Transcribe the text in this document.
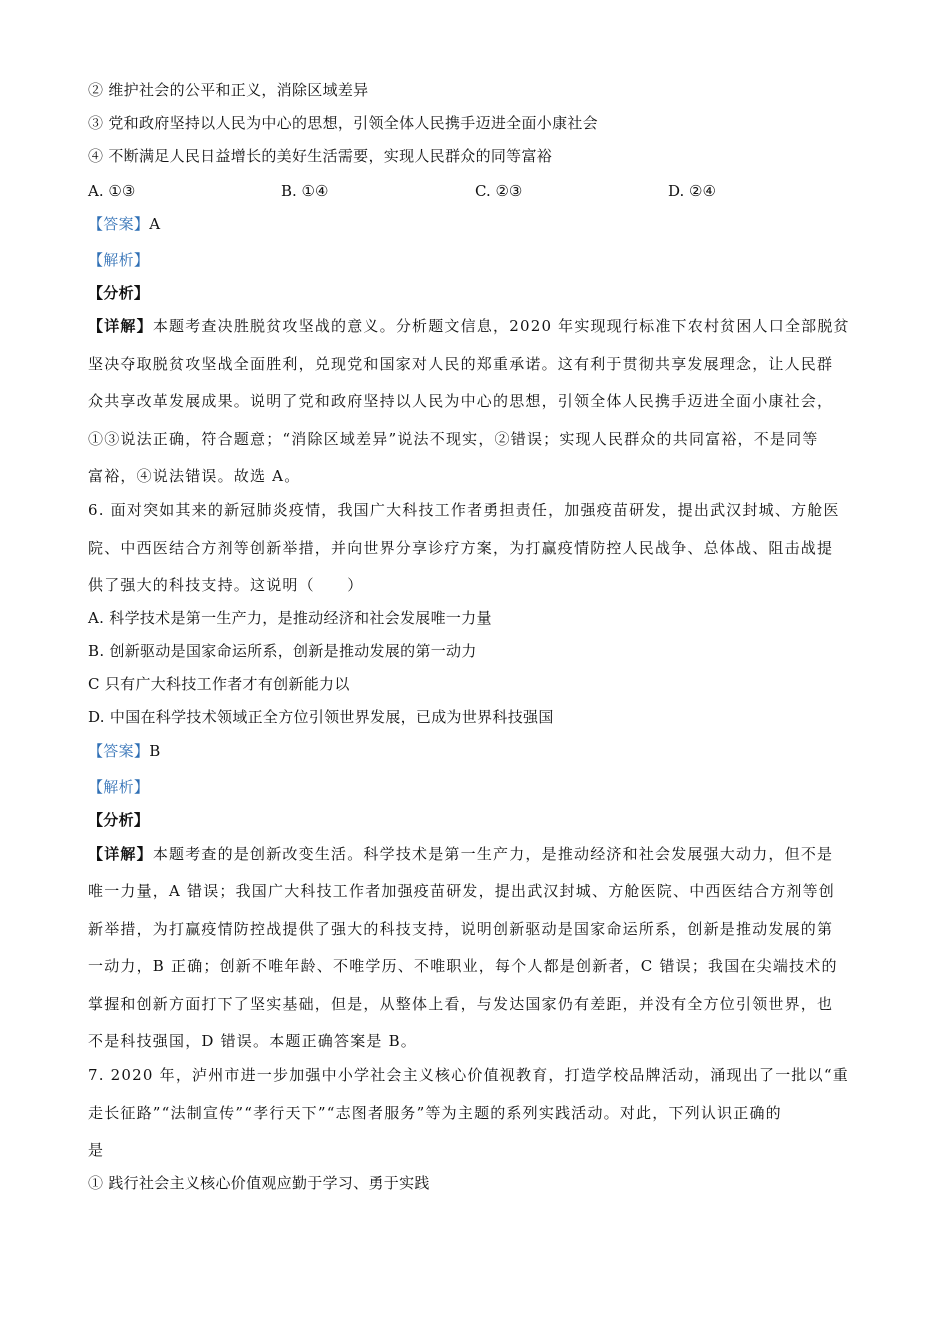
② 维护社会的公平和正义，消除区域差异
③ 党和政府坚持以人民为中心的思想，引领全体人民携手迈进全面小康社会
④ 不断满足人民日益增长的美好生活需要，实现人民群众的同等富裕
A. ①③	B. ①④	C. ②③	D. ②④
【答案】A
【解析】
【分析】
【详解】本题考查决胜脱贫攻坚战的意义。分析题文信息，2020 年实现现行标准下农村贫困人口全部脱贫
坚决夺取脱贫攻坚战全面胜利，兑现党和国家对人民的郑重承诺。这有利于贯彻共享发展理念，让人民群
众共享改革发展成果。说明了党和政府坚持以人民为中心的思想，引领全体人民携手迈进全面小康社会，
①③说法正确，符合题意；“消除区域差异”说法不现实，②错误；实现人民群众的共同富裕，不是同等
富裕，④说法错误。故选 A。
6. 面对突如其来的新冠肺炎疫情，我国广大科技工作者勇担责任，加强疫苗研发，提出武汉封城、方舱医
院、中西医结合方剂等创新举措，并向世界分享诊疗方案，为打赢疫情防控人民战争、总体战、阻击战提
供了强大的科技支持。这说明（　　）
A. 科学技术是第一生产力，是推动经济和社会发展唯一力量
B. 创新驱动是国家命运所系，创新是推动发展的第一动力
C 只有广大科技工作者才有创新能力以
D. 中国在科学技术领域正全方位引领世界发展，已成为世界科技强国
【答案】B
【解析】
【分析】
【详解】本题考查的是创新改变生活。科学技术是第一生产力，是推动经济和社会发展强大动力，但不是
唯一力量，A 错误；我国广大科技工作者加强疫苗研发，提出武汉封城、方舱医院、中西医结合方剂等创
新举措，为打赢疫情防控战提供了强大的科技支持，说明创新驱动是国家命运所系，创新是推动发展的第
一动力，B 正确；创新不唯年龄、不唯学历、不唯职业，每个人都是创新者，C 错误；我国在尖端技术的
掌握和创新方面打下了坚实基础，但是，从整体上看，与发达国家仍有差距，并没有全方位引领世界，也
不是科技强国，D 错误。本题正确答案是 B。
7. 2020 年，泸州市进一步加强中小学社会主义核心价值视教育，打造学校品牌活动，涌现出了一批以“重
走长征路”“法制宣传”“孝行天下”“志图者服务”等为主题的系列实践活动。对此，下列认识正确的
是
① 践行社会主义核心价值观应勤于学习、勇于实践
